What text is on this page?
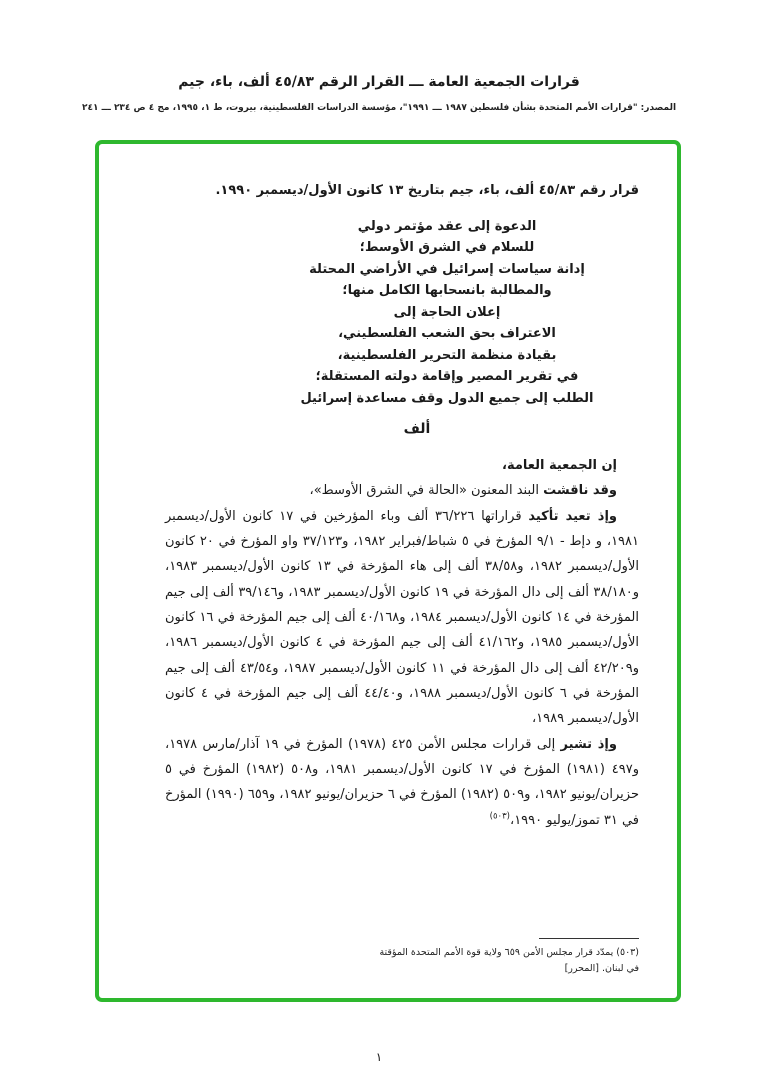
قرارات الجمعية العامة ـــ القرار الرقم ٤٥/٨٣ ألف، باء، جيم
المصدر: "قرارات الأمم المتحدة بشأن فلسطين ١٩٨٧ ـــ ١٩٩١"، مؤسسة الدراسات الفلسطينية، بيروت، ط ١، ١٩٩٥، مج ٤ ص ٢٣٤ ـــ ٢٤١

قرار رقم ٤٥/٨٣ ألف، باء، جيم بتاريخ ١٣ كانون الأول/ديسمبر ١٩٩٠.

الدعوة إلى عقد مؤتمر دولي
للسلام في الشرق الأوسط؛
إدانة سياسات إسرائيل في الأراضي المحتلة
والمطالبة بانسحابها الكامل منها؛
إعلان الحاجة إلى
الاعتراف بحق الشعب الفلسطيني،
بقيادة منظمة التحرير الفلسطينية،
في تقرير المصير وإقامة دولته المستقلة؛
الطلب إلى جميع الدول وقف مساعدة إسرائيل
ألف

إن الجمعية العامة،

وقد ناقشت البند المعنون «الحالة في الشرق الأوسط»،

وإذ تعيد تأكيد قراراتها ٣٦/٢٢٦ ألف وباء المؤرخين في ١٧ كانون الأول/ديسمبر ١٩٨١، و دإط - ٩/١ المؤرخ في ٥ شباط/فبراير ١٩٨٢، و٣٧/١٢٣ واو المؤرخ في ٢٠ كانون الأول/ديسمبر ١٩٨٢، و٣٨/٥٨ ألف إلى هاء المؤرخة في ١٣ كانون الأول/ديسمبر ١٩٨٣، و٣٨/١٨٠ ألف إلى دال المؤرخة في ١٩ كانون الأول/ديسمبر ١٩٨٣، و٣٩/١٤٦ ألف إلى جيم المؤرخة في ١٤ كانون الأول/ديسمبر ١٩٨٤، و٤٠/١٦٨ ألف إلى جيم المؤرخة في ١٦ كانون الأول/ديسمبر ١٩٨٥، و٤١/١٦٢ ألف إلى جيم المؤرخة في ٤ كانون الأول/ديسمبر ١٩٨٦، و٤٢/٢٠٩ ألف إلى دال المؤرخة في ١١ كانون الأول/ديسمبر ١٩٨٧، و٤٣/٥٤ ألف إلى جيم المؤرخة في ٦ كانون الأول/ديسمبر ١٩٨٨، و٤٤/٤٠ ألف إلى جيم المؤرخة في ٤ كانون الأول/ديسمبر ١٩٨٩،

وإذ تشير إلى قرارات مجلس الأمن ٤٢٥ (١٩٧٨) المؤرخ في ١٩ آذار/مارس ١٩٧٨، و٤٩٧ (١٩٨١) المؤرخ في ١٧ كانون الأول/ديسمبر ١٩٨١، و٥٠٨ (١٩٨٢) المؤرخ في ٥ حزيران/يونيو ١٩٨٢، و٥٠٩ (١٩٨٢) المؤرخ في ٦ حزيران/يونيو ١٩٨٢، و٦٥٩ (١٩٩٠) المؤرخ في ٣١ تموز/يوليو ١٩٩٠،$^{(٥٠٣)}$

(٥٠٣) يمدّد قرار مجلس الأمن ٦٥٩ ولاية قوة الأمم المتحدة المؤقتة في لبنان. [المحرر]
١
